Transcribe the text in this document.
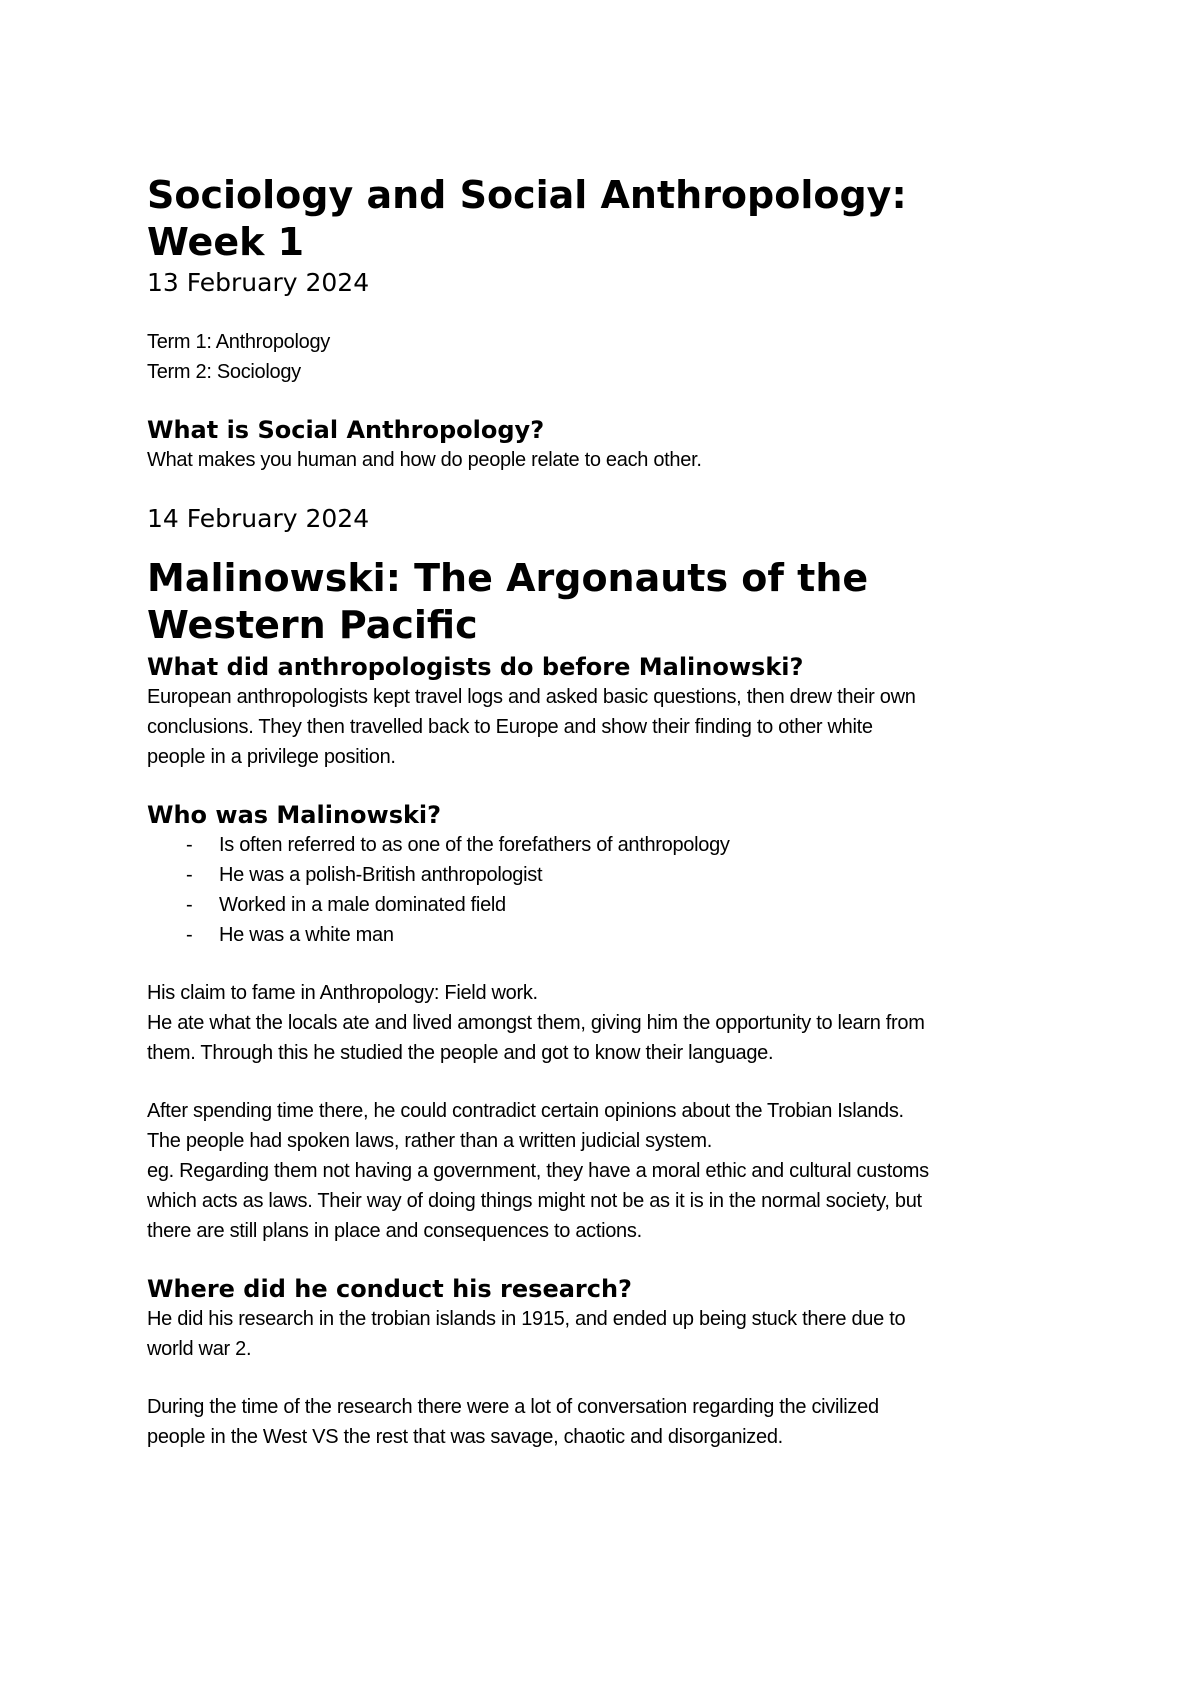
Sociology and Social Anthropology:
Week 1

13 February 2024

Term 1: Anthropology

Term 2: Sociology

What is Social Anthropology?

What makes you human and how do people relate to each other.

14 February 2024

Malinowski: The Argonauts of the
Western Pacific
What did anthropologists do before Malinowski?

European anthropologists kept travel logs and asked basic questions, then drew their own

conclusions. They then travelled back to Europe and show their finding to other white

people in a privilege position.

Who was Malinowski?
- Is often referred to as one of the forefathers of anthropology
- He was a polish-British anthropologist
- Worked in a male dominated field
- He was a white man

His claim to fame in Anthropology: Field work.

He ate what the locals ate and lived amongst them, giving him the opportunity to learn from

them. Through this he studied the people and got to know their language.

After spending time there, he could contradict certain opinions about the Trobian Islands.

The people had spoken laws, rather than a written judicial system.

eg. Regarding them not having a government, they have a moral ethic and cultural customs

which acts as laws. Their way of doing things might not be as it is in the normal society, but

there are still plans in place and consequences to actions.

Where did he conduct his research?

He did his research in the trobian islands in 1915, and ended up being stuck there due to

world war 2.

During the time of the research there were a lot of conversation regarding the civilized

people in the West VS the rest that was savage, chaotic and disorganized.
